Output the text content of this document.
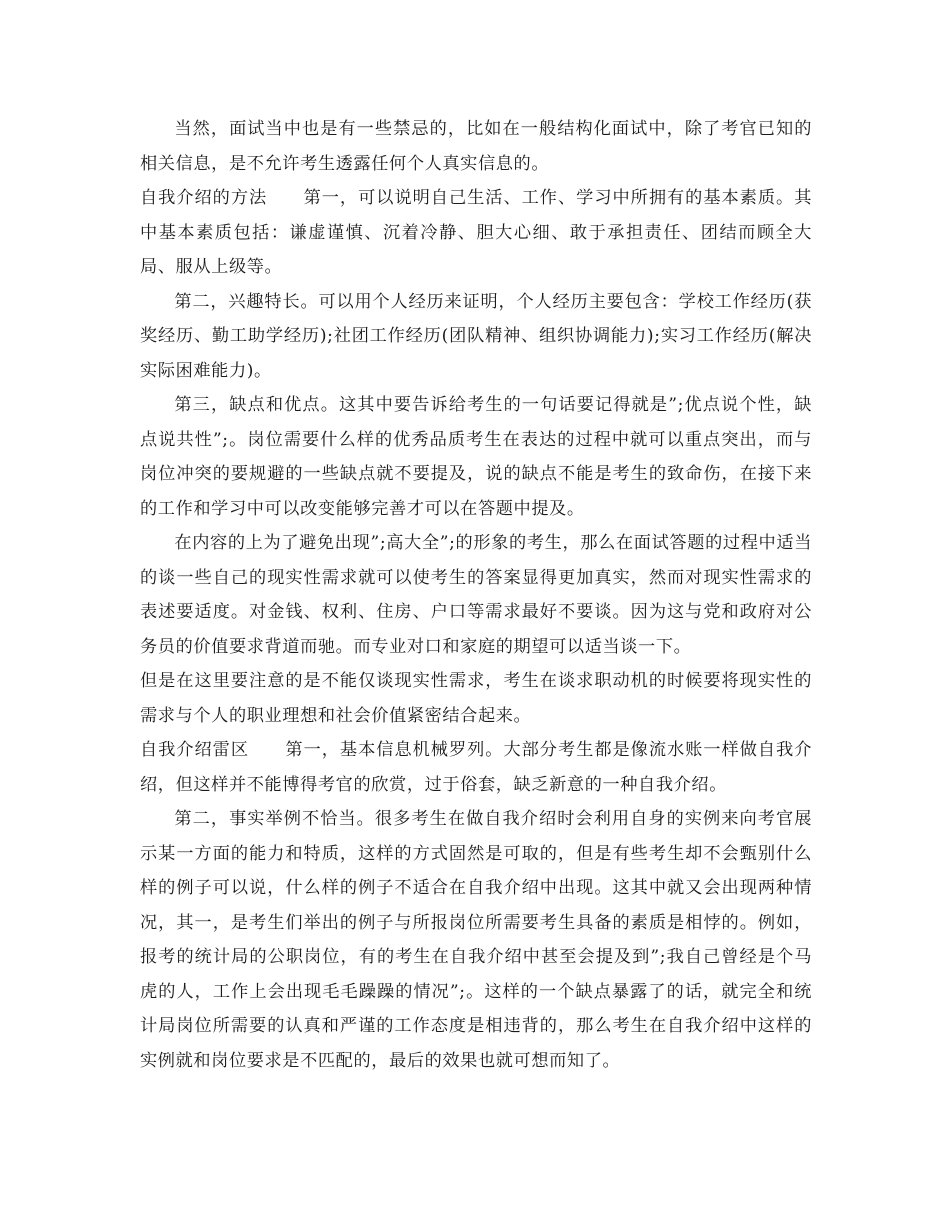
当然，面试当中也是有一些禁忌的，比如在一般结构化面试中，除了考官已知的相关信息，是不允许考生透露任何个人真实信息的。

自我介绍的方法 第一，可以说明自己生活、工作、学习中所拥有的基本素质。其中基本素质包括：谦虚谨慎、沉着冷静、胆大心细、敢于承担责任、团结而顾全大局、服从上级等。

第二，兴趣特长。可以用个人经历来证明，个人经历主要包含：学校工作经历(获奖经历、勤工助学经历);社团工作经历(团队精神、组织协调能力);实习工作经历(解决实际困难能力)。

第三，缺点和优点。这其中要告诉给考生的一句话要记得就是”;优点说个性，缺点说共性”;。岗位需要什么样的优秀品质考生在表达的过程中就可以重点突出，而与岗位冲突的要规避的一些缺点就不要提及，说的缺点不能是考生的致命伤，在接下来的工作和学习中可以改变能够完善才可以在答题中提及。

在内容的上为了避免出现”;高大全”;的形象的考生，那么在面试答题的过程中适当的谈一些自己的现实性需求就可以使考生的答案显得更加真实，然而对现实性需求的表述要适度。对金钱、权利、住房、户口等需求最好不要谈。因为这与党和政府对公务员的价值要求背道而驰。而专业对口和家庭的期望可以适当谈一下。

但是在这里要注意的是不能仅谈现实性需求，考生在谈求职动机的时候要将现实性的需求与个人的职业理想和社会价值紧密结合起来。

自我介绍雷区 第一，基本信息机械罗列。大部分考生都是像流水账一样做自我介绍，但这样并不能博得考官的欣赏，过于俗套，缺乏新意的一种自我介绍。

第二，事实举例不恰当。很多考生在做自我介绍时会利用自身的实例来向考官展示某一方面的能力和特质，这样的方式固然是可取的，但是有些考生却不会甄别什么样的例子可以说，什么样的例子不适合在自我介绍中出现。这其中就又会出现两种情况，其一，是考生们举出的例子与所报岗位所需要考生具备的素质是相悖的。例如，报考的统计局的公职岗位，有的考生在自我介绍中甚至会提及到”;我自己曾经是个马虎的人，工作上会出现毛毛躁躁的情况”;。这样的一个缺点暴露了的话，就完全和统计局岗位所需要的认真和严谨的工作态度是相违背的，那么考生在自我介绍中这样的实例就和岗位要求是不匹配的，最后的效果也就可想而知了。
